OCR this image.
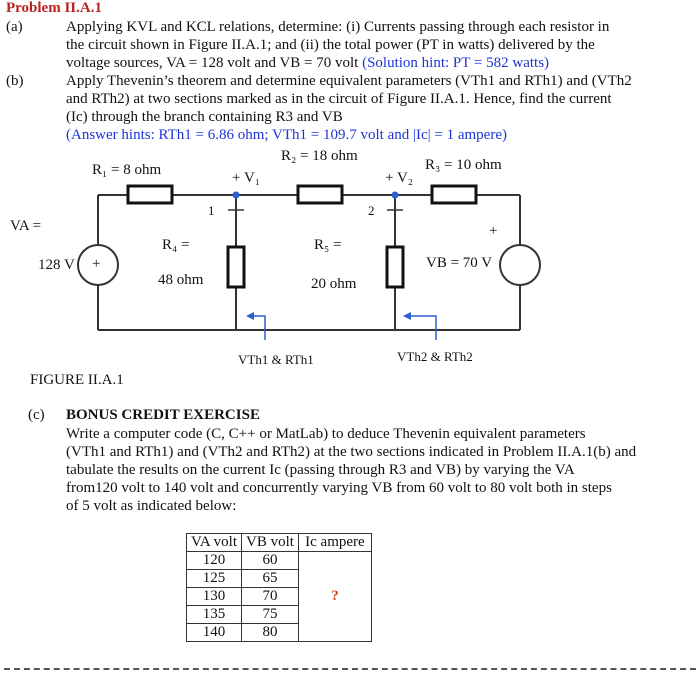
Problem II.A.1
(a)	Applying KVL and KCL relations, determine: (i) Currents passing through each resistor in
the circuit shown in Figure II.A.1; and (ii) the total power (PT in watts) delivered by the
voltage sources, VA = 128 volt and VB = 70 volt (Solution hint: PT = 582 watts)
(b)	Apply Thevenin’s theorem and determine equivalent parameters (VTh1 and RTh1) and (VTh2
and RTh2) at two sections marked as in the circuit of Figure II.A.1. Hence, find the current
(Ic) through the branch containing R3 and VB
(Answer hints: RTh1 = 6.86 ohm; VTh1 = 109.7 volt and |Ic| = 1 ampere)
R₁ = 8 ohm
R₂ = 18 ohm
R₃ = 10 ohm
+ V₁	+ V₂
1	2
VA =
128 V +
R₄ =
48 ohm
R₅ =
20 ohm
VB = 70 V
+
VTh1 & RTh1	VTh2 & RTh2
FIGURE II.A.1
(c) BONUS CREDIT EXERCISE
Write a computer code (C, C++ or MatLab) to deduce Thevenin equivalent parameters
(VTh1 and RTh1) and (VTh2 and RTh2) at the two sections indicated in Problem II.A.1(b) and
tabulate the results on the current Ic (passing through R3 and VB) by varying the VA
from120 volt to 140 volt and concurrently varying VB from 60 volt to 80 volt both in steps
of 5 volt as indicated below:
VA volt	VB volt	Ic ampere
120	60	?
125	65	
130	70	
135	75	
140	80	
